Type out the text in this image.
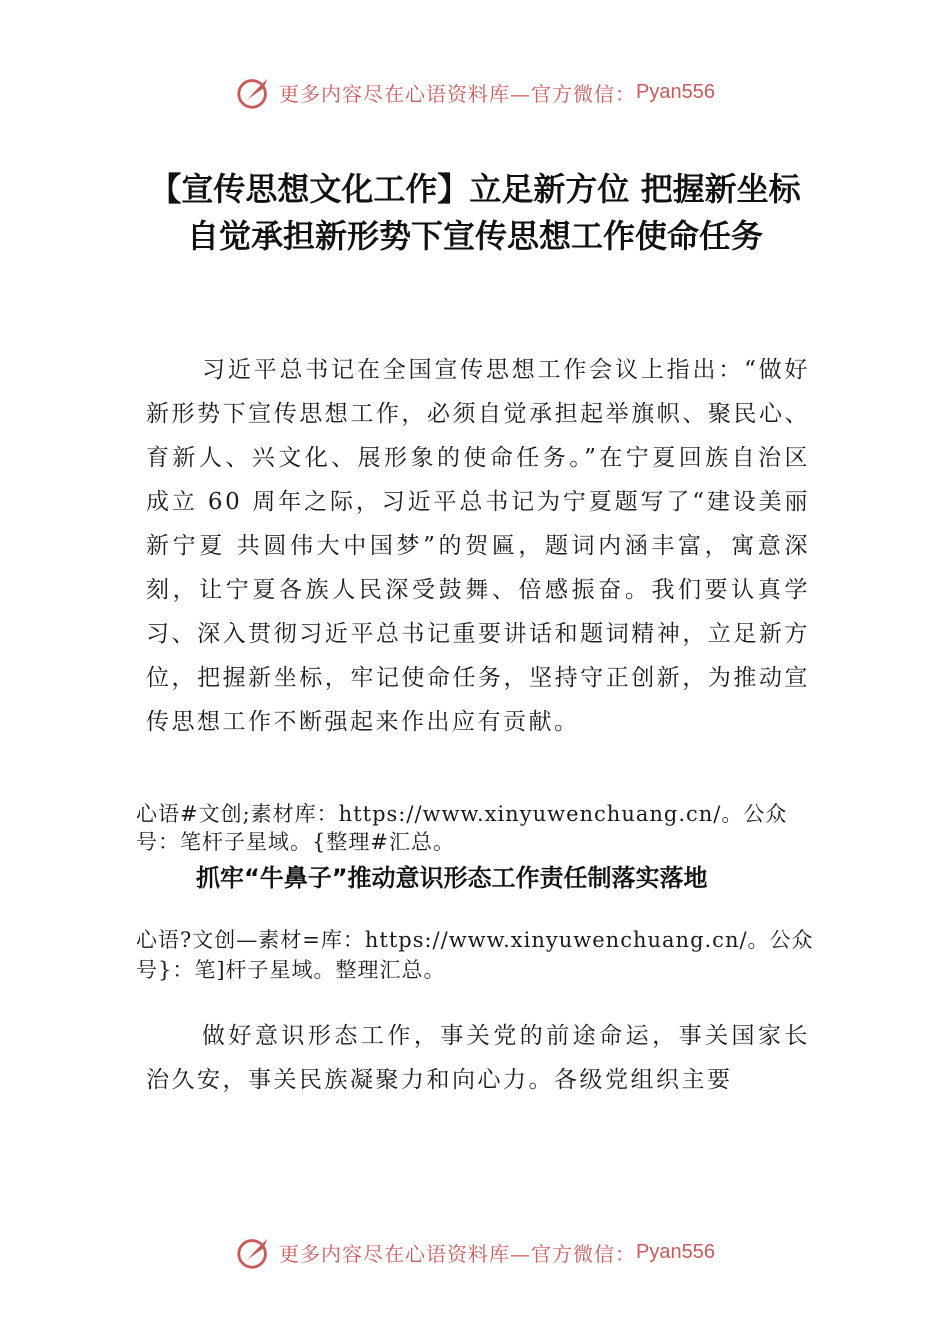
更多内容尽在心语资料库—官方微信： Pyan556
【宣传思想文化工作】立足新方位 把握新坐标 自觉承担新形势下宣传思想工作使命任务

习近平总书记在全国宣传思想工作会议上指出：“做好新形势下宣传思想工作，必须自觉承担起举旗帜、聚民心、育新人、兴文化、展形象的使命任务。”在宁夏回族自治区成立 60 周年之际，习近平总书记为宁夏题写了“建设美丽新宁夏 共圆伟大中国梦”的贺匾，题词内涵丰富，寓意深刻，让宁夏各族人民深受鼓舞、倍感振奋。我们要认真学习、深入贯彻习近平总书记重要讲话和题词精神，立足新方位，把握新坐标，牢记使命任务，坚持守正创新，为推动宣传思想工作不断强起来作出应有贡献。

心语#文创;素材库：https://www.xinyuwenchuang.cn/。公众号：笔杆子星域。{整理#汇总。

抓牢“牛鼻子”推动意识形态工作责任制落实落地

心语?文创—素材=库：https://www.xinyuwenchuang.cn/。公众号}：笔]杆子星域。整理汇总。

做好意识形态工作，事关党的前途命运，事关国家长治久安，事关民族凝聚力和向心力。各级党组织主要

更多内容尽在心语资料库—官方微信： Pyan556
